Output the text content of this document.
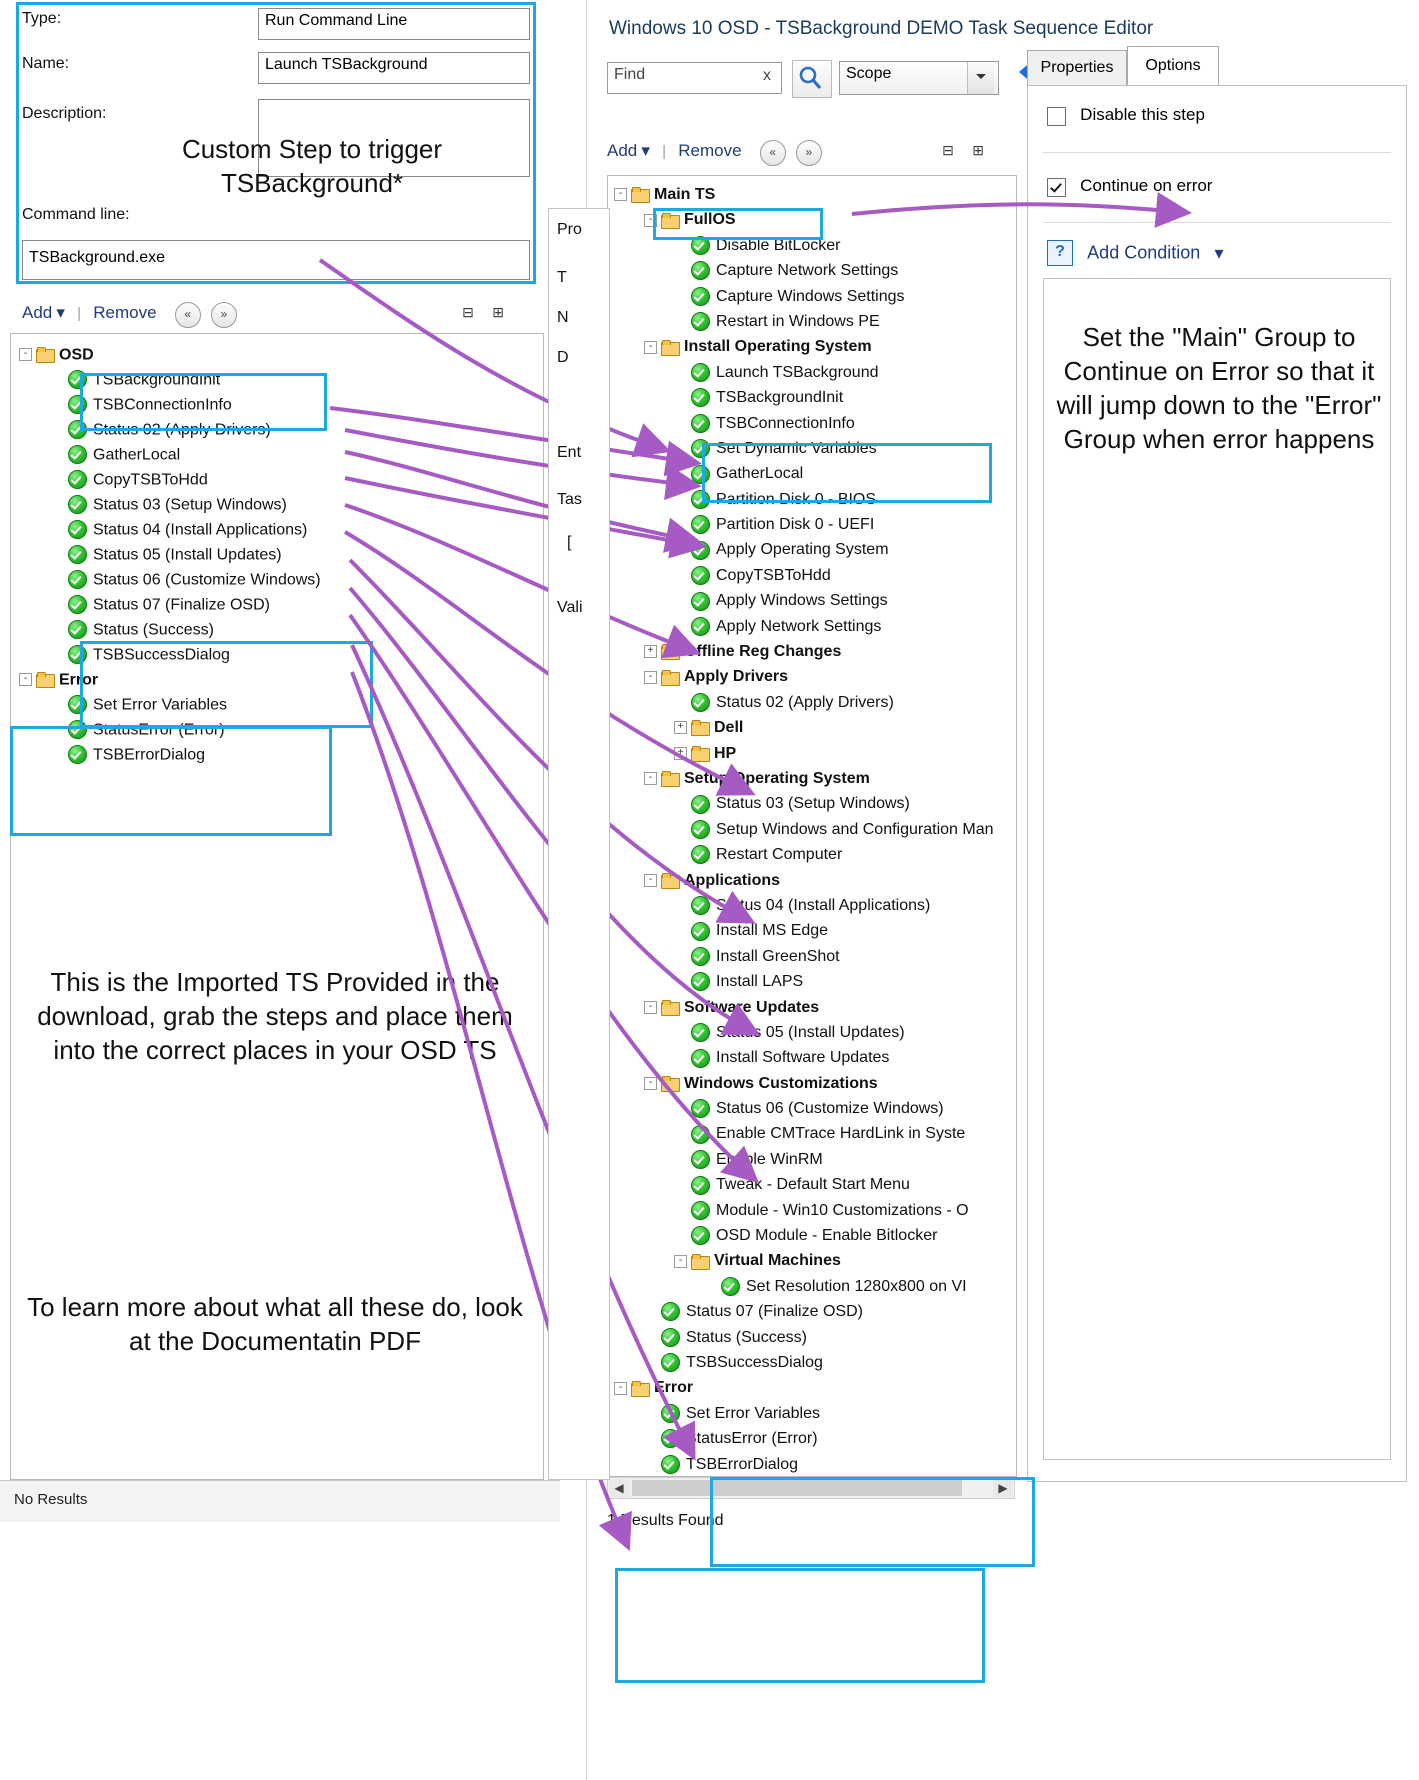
Type:	Run Command Line
Name:	Launch TSBackground
Description:
Command line:
TSBackground.exe
Custom Step to trigger TSBackground*
Add ▾ | Remove « »	⊟ ⊞
- OSD
TSBackgroundInit
TSBConnectionInfo
Status 02 (Apply Drivers)
GatherLocal
CopyTSBToHdd
Status 03 (Setup Windows)
Status 04 (Install Applications)
Status 05 (Install Updates)
Status 06 (Customize Windows)
Status 07 (Finalize OSD)
Status (Success)
TSBSuccessDialog
- Error
Set Error Variables
StatusError (Error)
TSBErrorDialog
This is the Imported TS Provided in the download, grab the steps and place them into the correct places in your OSD TS
To learn more about what all these do, look at the Documentatin PDF
No Results
Pro
T
N
D
Ent
Tas
[
Vali
Windows 10 OSD - TSBackground DEMO Task Sequence Editor
Find	x	Scope	Properties	Options
Disable this step
Continue on error
? Add Condition ▾
Set the "Main" Group to Continue on Error so that it will jump down to the "Error" Group when error happens
Add ▾ | Remove « »	⊟ ⊞
- Main TS
- FullOS
Disable BitLocker
Capture Network Settings
Capture Windows Settings
Restart in Windows PE
- Install Operating System
Launch TSBackground
TSBackgroundInit
TSBConnectionInfo
Set Dynamic Variables
GatherLocal
Partition Disk 0 - BIOS
Partition Disk 0 - UEFI
Apply Operating System
CopyTSBToHdd
Apply Windows Settings
Apply Network Settings
+ Offline Reg Changes
- Apply Drivers
Status 02 (Apply Drivers)
+ Dell
+ HP
- Setup Operating System
Status 03 (Setup Windows)
Setup Windows and Configuration Man
Restart Computer
- Applications
Status 04 (Install Applications)
Install MS Edge
Install GreenShot
Install LAPS
- Software Updates
Status 05 (Install Updates)
Install Software Updates
- Windows Customizations
Status 06 (Customize Windows)
Enable CMTrace HardLink in Syste
Enable WinRM
Tweak - Default Start Menu
Module - Win10 Customizations - O
OSD Module - Enable Bitlocker
- Virtual Machines
Set Resolution 1280x800 on VI
Status 07 (Finalize OSD)
Status (Success)
TSBSuccessDialog
- Error
Set Error Variables
StatusError (Error)
TSBErrorDialog
◀	▶
1 Results Found
